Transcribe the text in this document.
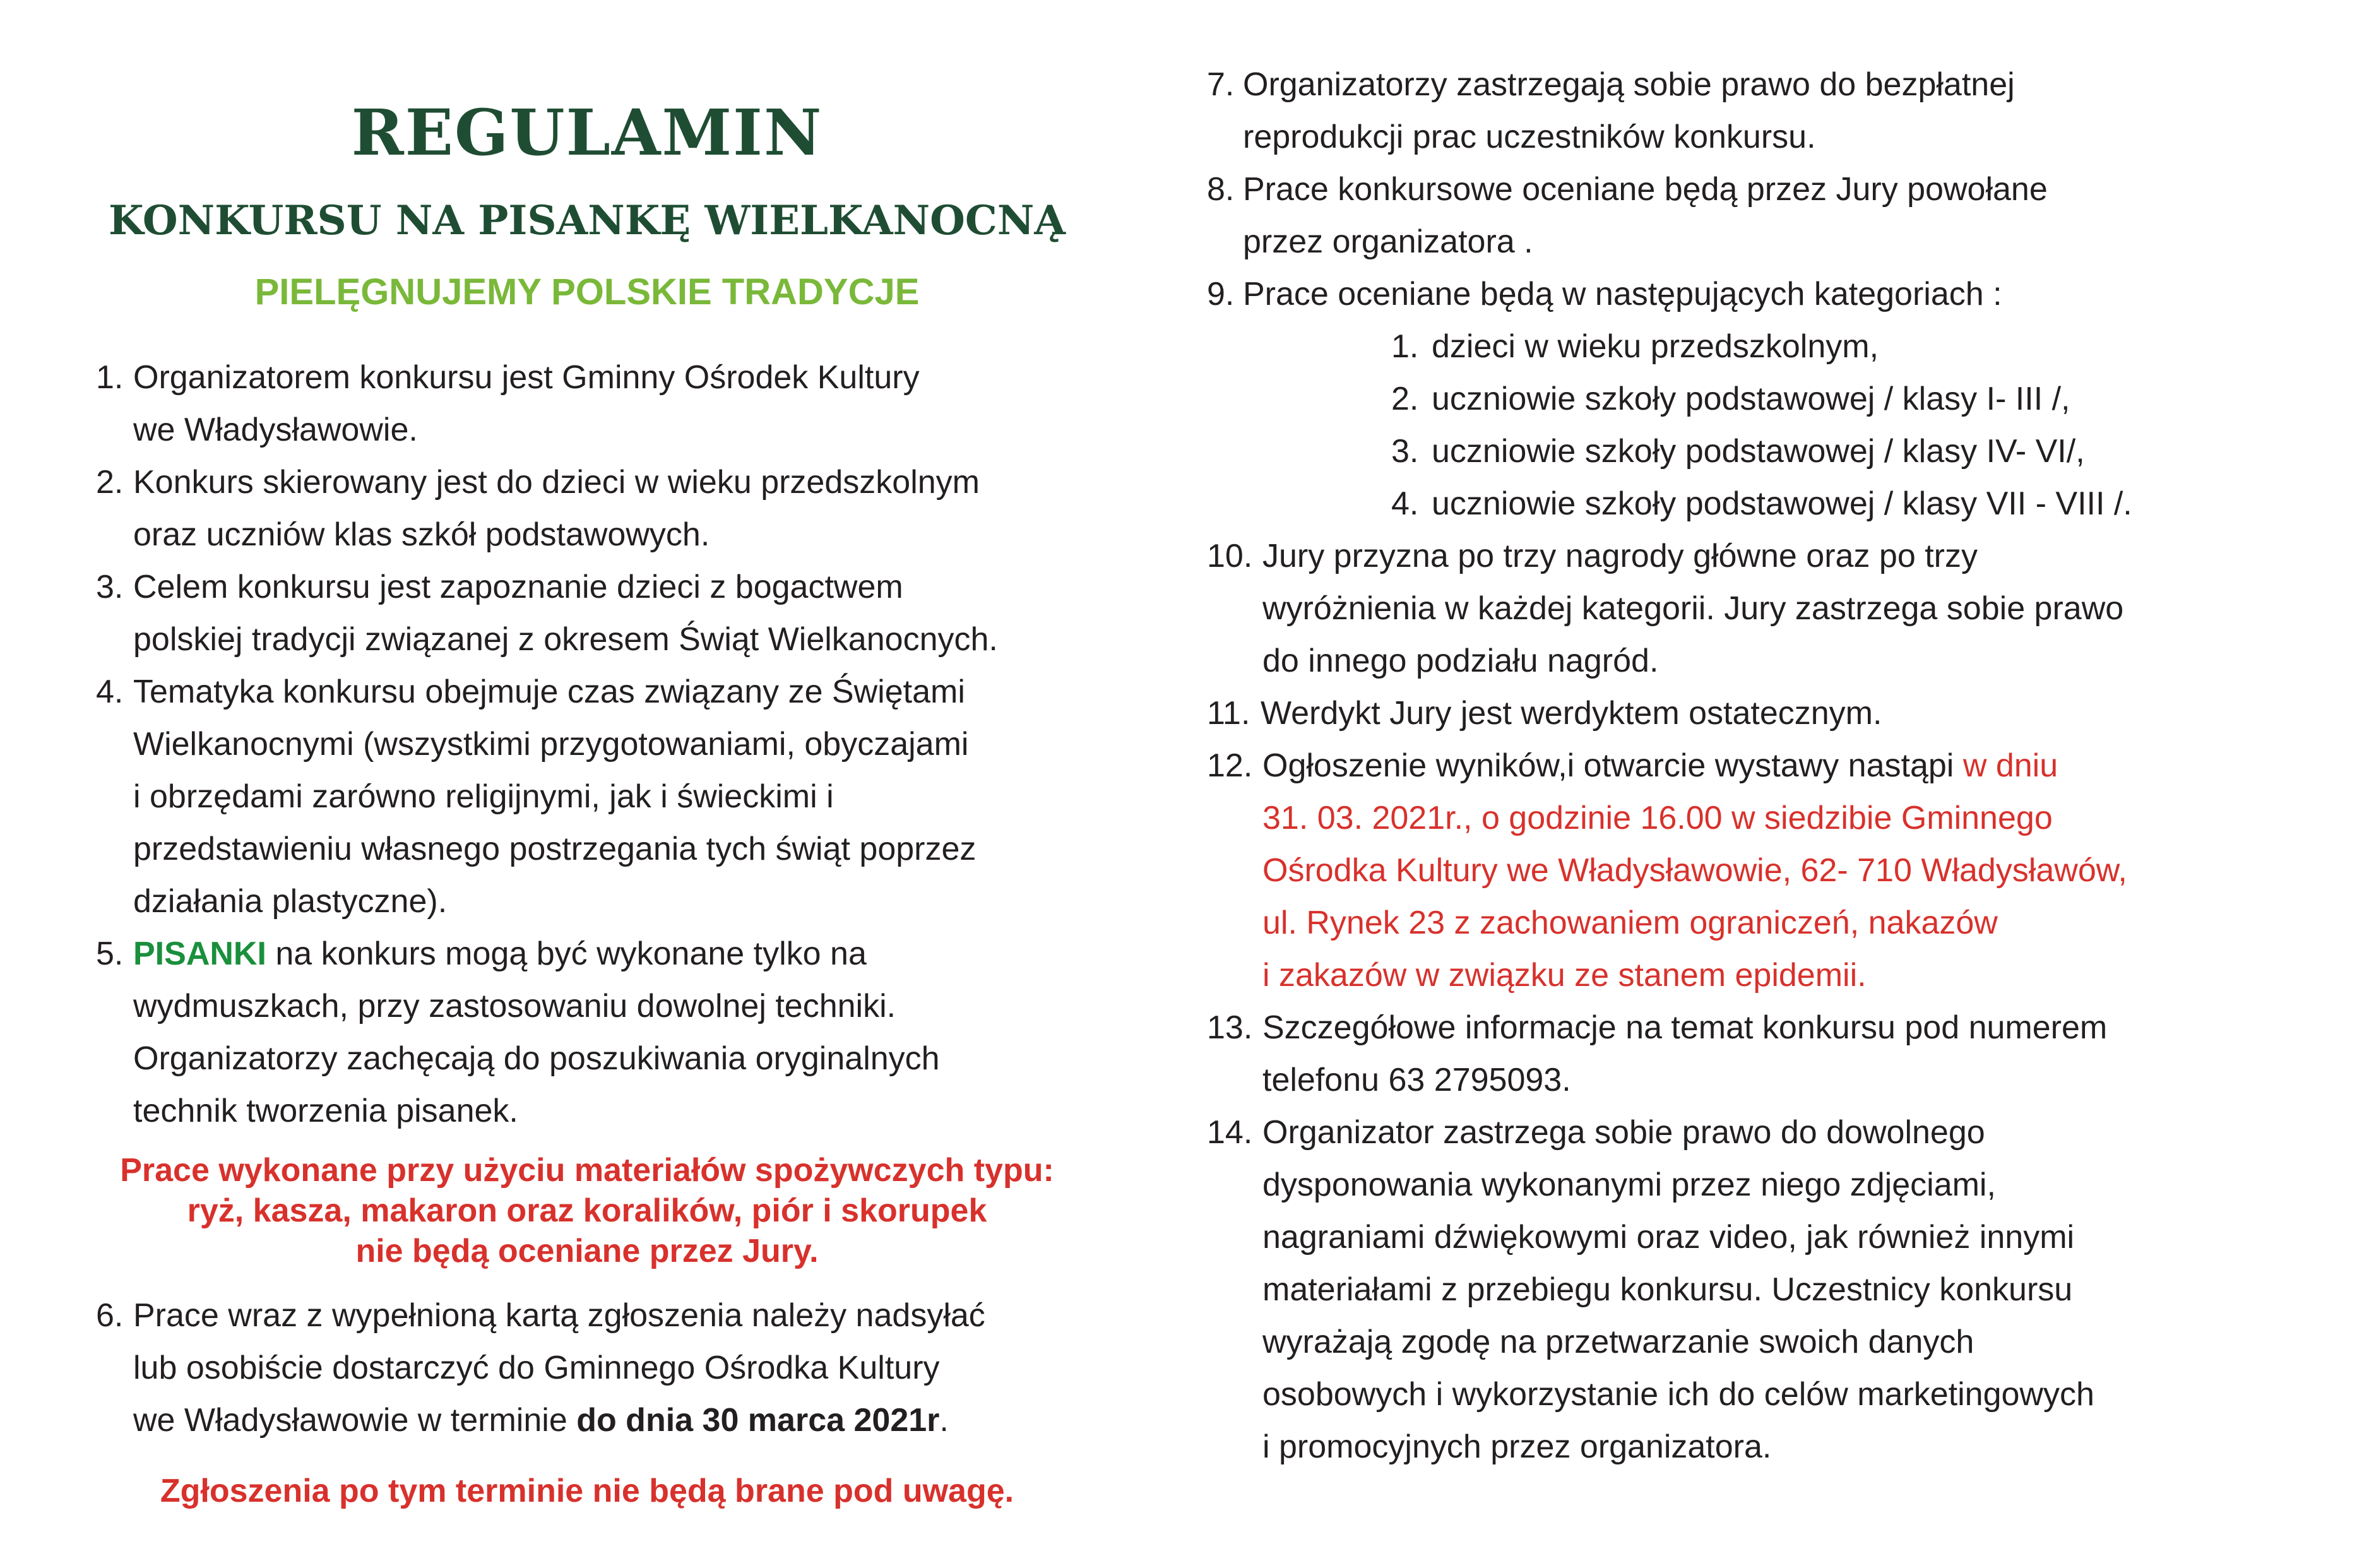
REGULAMIN
KONKURSU NA PISANKĘ WIELKANOCNĄ
PIELĘGNUJEMY POLSKIE TRADYCJE
1. Organizatorem konkursu jest Gminny Ośrodek Kultury
we Władysławowie.
2. Konkurs skierowany jest do dzieci w wieku przedszkolnym
oraz uczniów klas szkół podstawowych.
3. Celem konkursu jest zapoznanie dzieci z bogactwem
polskiej tradycji związanej z okresem Świąt Wielkanocnych.
4. Tematyka konkursu obejmuje czas związany ze Świętami
Wielkanocnymi (wszystkimi przygotowaniami, obyczajami
i obrzędami zarówno religijnymi, jak i świeckimi i
przedstawieniu własnego postrzegania tych świąt poprzez
działania plastyczne).
5. PISANKI na konkurs mogą być wykonane tylko na
wydmuszkach, przy zastosowaniu dowolnej techniki.
Organizatorzy zachęcają do poszukiwania oryginalnych
technik tworzenia pisanek.
Prace wykonane przy użyciu materiałów spożywczych typu:
ryż, kasza, makaron oraz koralików, piór i skorupek
nie będą oceniane przez Jury.
6. Prace wraz z wypełnioną kartą zgłoszenia należy nadsyłać
lub osobiście dostarczyć do Gminnego Ośrodka Kultury
we Władysławowie w terminie do dnia 30 marca 2021r.
Zgłoszenia po tym terminie nie będą brane pod uwagę.
7. Organizatorzy zastrzegają sobie prawo do bezpłatnej
reprodukcji prac uczestników konkursu.
8. Prace konkursowe oceniane będą przez Jury powołane
przez organizatora .
9. Prace oceniane będą w następujących kategoriach :
1. dzieci w wieku przedszkolnym,
2. uczniowie szkoły podstawowej / klasy I- III /,
3. uczniowie szkoły podstawowej / klasy IV- VI/,
4. uczniowie szkoły podstawowej / klasy VII - VIII /.
10. Jury przyzna po trzy nagrody główne oraz po trzy
wyróżnienia w każdej kategorii. Jury zastrzega sobie prawo
do innego podziału nagród.
11. Werdykt Jury jest werdyktem ostatecznym.
12. Ogłoszenie wyników,i otwarcie wystawy nastąpi w dniu
31. 03. 2021r., o godzinie 16.00 w siedzibie Gminnego
Ośrodka Kultury we Władysławowie, 62- 710 Władysławów,
ul. Rynek 23 z zachowaniem ograniczeń, nakazów
i zakazów w związku ze stanem epidemii.
13. Szczegółowe informacje na temat konkursu pod numerem
telefonu 63 2795093.
14. Organizator zastrzega sobie prawo do dowolnego
dysponowania wykonanymi przez niego zdjęciami,
nagraniami dźwiękowymi oraz video, jak również innymi
materiałami z przebiegu konkursu. Uczestnicy konkursu
wyrażają zgodę na przetwarzanie swoich danych
osobowych i wykorzystanie ich do celów marketingowych
i promocyjnych przez organizatora.
